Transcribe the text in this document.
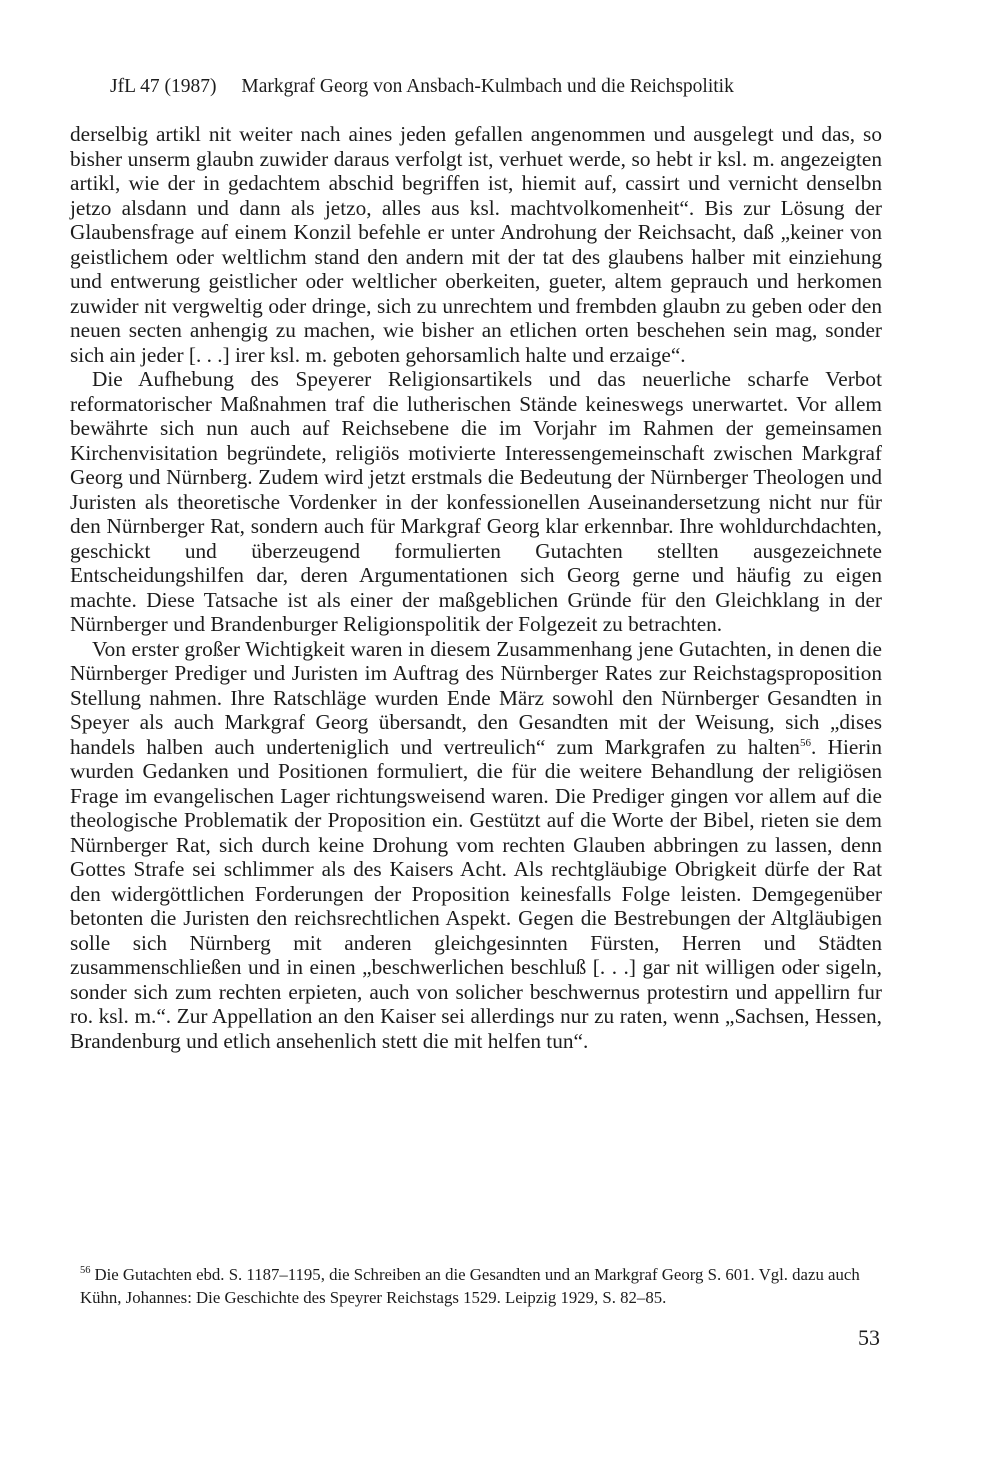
JfL 47 (1987) Markgraf Georg von Ansbach-Kulmbach und die Reichspolitik

derselbig artikl nit weiter nach aines jeden gefallen angenommen und ausgelegt und das, so bisher unserm glaubn zuwider daraus verfolgt ist, verhuet werde, so hebt ir ksl. m. angezeigten artikl, wie der in gedachtem abschid begriffen ist, hiemit auf, cassirt und vernicht denselbn jetzo alsdann und dann als jetzo, alles aus ksl. machtvolkomenheit“. Bis zur Lösung der Glaubensfrage auf einem Konzil befehle er unter Androhung der Reichsacht, daß „keiner von geistlichem oder weltlichm stand den andern mit der tat des glaubens halber mit einziehung und entwerung geistlicher oder weltlicher oberkeiten, gueter, altem geprauch und herkomen zuwider nit vergweltig oder dringe, sich zu unrechtem und frembden glaubn zu geben oder den neuen secten anhengig zu machen, wie bisher an etlichen orten beschehen sein mag, sonder sich ain jeder [. . .] irer ksl. m. geboten gehorsamlich halte und erzaige“.

Die Aufhebung des Speyerer Religionsartikels und das neuerliche scharfe Verbot reformatorischer Maßnahmen traf die lutherischen Stände keineswegs unerwartet. Vor allem bewährte sich nun auch auf Reichsebene die im Vorjahr im Rahmen der gemeinsamen Kirchenvisitation begründete, religiös motivierte Interessengemeinschaft zwischen Markgraf Georg und Nürnberg. Zudem wird jetzt erstmals die Bedeutung der Nürnberger Theologen und Juristen als theoretische Vordenker in der konfessionellen Auseinandersetzung nicht nur für den Nürnberger Rat, sondern auch für Markgraf Georg klar erkennbar. Ihre wohldurchdachten, geschickt und überzeugend formulierten Gutachten stellten ausgezeichnete Entscheidungshilfen dar, deren Argumentationen sich Georg gerne und häufig zu eigen machte. Diese Tatsache ist als einer der maßgeblichen Gründe für den Gleichklang in der Nürnberger und Brandenburger Religionspolitik der Folgezeit zu betrachten.

Von erster großer Wichtigkeit waren in diesem Zusammenhang jene Gutachten, in denen die Nürnberger Prediger und Juristen im Auftrag des Nürnberger Rates zur Reichstagsproposition Stellung nahmen. Ihre Ratschläge wurden Ende März sowohl den Nürnberger Gesandten in Speyer als auch Markgraf Georg übersandt, den Gesandten mit der Weisung, sich „dises handels halben auch underteniglich und vertreulich“ zum Markgrafen zu halten$^{56}$. Hierin wurden Gedanken und Positionen formuliert, die für die weitere Behandlung der religiösen Frage im evangelischen Lager richtungsweisend waren. Die Prediger gingen vor allem auf die theologische Problematik der Proposition ein. Gestützt auf die Worte der Bibel, rieten sie dem Nürnberger Rat, sich durch keine Drohung vom rechten Glauben abbringen zu lassen, denn Gottes Strafe sei schlimmer als des Kaisers Acht. Als rechtgläubige Obrigkeit dürfe der Rat den widergöttlichen Forderungen der Proposition keinesfalls Folge leisten. Demgegenüber betonten die Juristen den reichsrechtlichen Aspekt. Gegen die Bestrebungen der Altgläubigen solle sich Nürnberg mit anderen gleichgesinnten Fürsten, Herren und Städten zusammenschließen und in einen „beschwerlichen beschluß [. . .] gar nit willigen oder sigeln, sonder sich zum rechten erpieten, auch von solicher beschwernus protestirn und appellirn fur ro. ksl. m.“. Zur Appellation an den Kaiser sei allerdings nur zu raten, wenn „Sachsen, Hessen, Brandenburg und etlich ansehenlich stett die mit helfen tun“.

$^{56}$ Die Gutachten ebd. S. 1187–1195, die Schreiben an die Gesandten und an Markgraf Georg S. 601. Vgl. dazu auch Kühn, Johannes: Die Geschichte des Speyrer Reichstags 1529. Leipzig 1929, S. 82–85.
53
